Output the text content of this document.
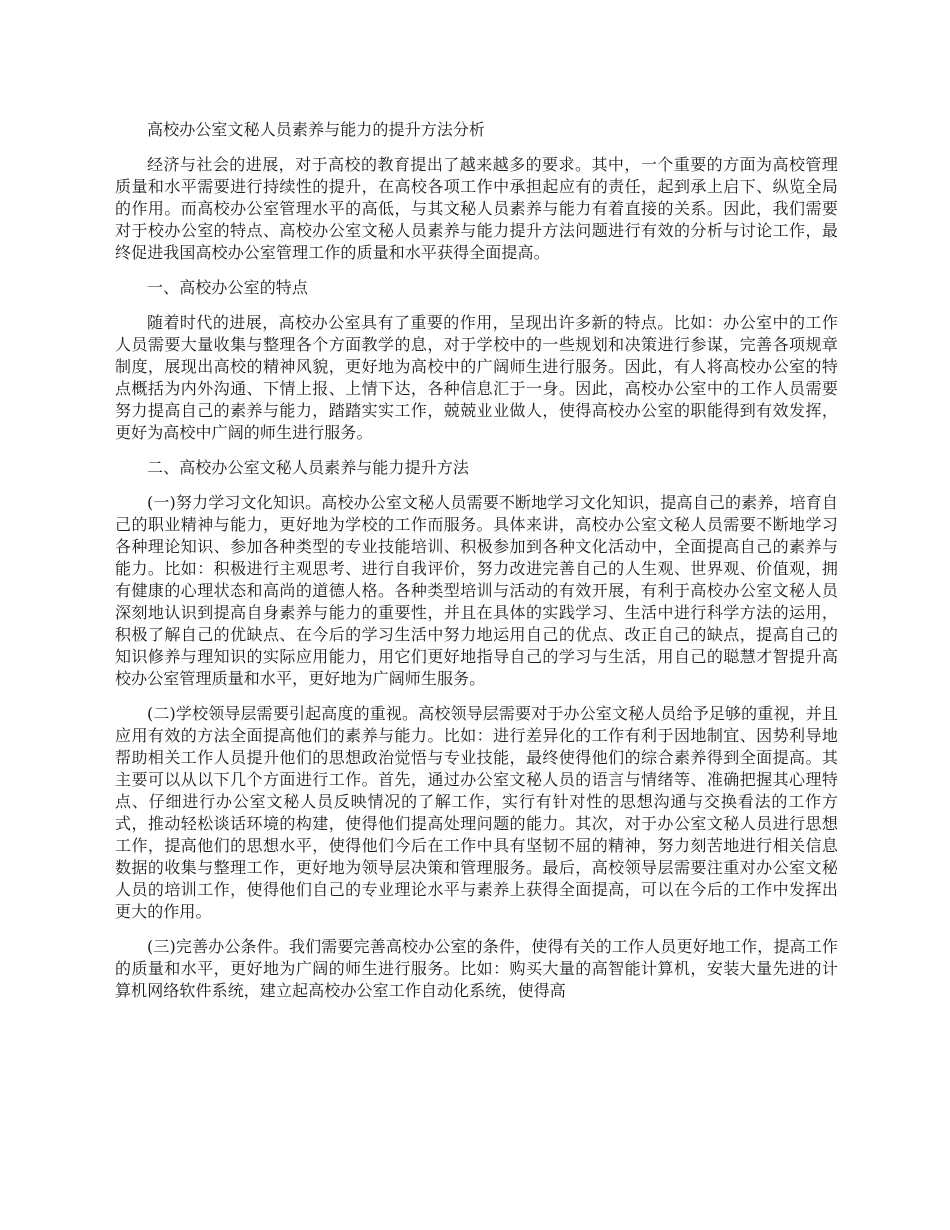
高校办公室文秘人员素养与能力的提升方法分析
经济与社会的进展，对于高校的教育提出了越来越多的要求。其中，一个重要的方面为高校管理质量和水平需要进行持续性的提升，在高校各项工作中承担起应有的责任，起到承上启下、纵览全局的作用。而高校办公室管理水平的高低，与其文秘人员素养与能力有着直接的关系。因此，我们需要对于校办公室的特点、高校办公室文秘人员素养与能力提升方法问题进行有效的分析与讨论工作，最终促进我国高校办公室管理工作的质量和水平获得全面提高。
一、高校办公室的特点
随着时代的进展，高校办公室具有了重要的作用，呈现出许多新的特点。比如：办公室中的工作人员需要大量收集与整理各个方面教学的息，对于学校中的一些规划和决策进行参谋，完善各项规章制度，展现出高校的精神风貌，更好地为高校中的广阔师生进行服务。因此，有人将高校办公室的特点概括为内外沟通、下情上报、上情下达，各种信息汇于一身。因此，高校办公室中的工作人员需要努力提高自己的素养与能力，踏踏实实工作，兢兢业业做人，使得高校办公室的职能得到有效发挥，更好为高校中广阔的师生进行服务。
二、高校办公室文秘人员素养与能力提升方法
(一)努力学习文化知识。高校办公室文秘人员需要不断地学习文化知识，提高自己的素养，培育自己的职业精神与能力，更好地为学校的工作而服务。具体来讲，高校办公室文秘人员需要不断地学习各种理论知识、参加各种类型的专业技能培训、积极参加到各种文化活动中，全面提高自己的素养与能力。比如：积极进行主观思考、进行自我评价，努力改进完善自己的人生观、世界观、价值观，拥有健康的心理状态和高尚的道德人格。各种类型培训与活动的有效开展，有利于高校办公室文秘人员深刻地认识到提高自身素养与能力的重要性，并且在具体的实践学习、生活中进行科学方法的运用，积极了解自己的优缺点、在今后的学习生活中努力地运用自己的优点、改正自己的缺点，提高自己的知识修养与理知识的实际应用能力，用它们更好地指导自己的学习与生活，用自己的聪慧才智提升高校办公室管理质量和水平，更好地为广阔师生服务。
(二)学校领导层需要引起高度的重视。高校领导层需要对于办公室文秘人员给予足够的重视，并且应用有效的方法全面提高他们的素养与能力。比如：进行差异化的工作有利于因地制宜、因势利导地帮助相关工作人员提升他们的思想政治觉悟与专业技能，最终使得他们的综合素养得到全面提高。其主要可以从以下几个方面进行工作。首先，通过办公室文秘人员的语言与情绪等、准确把握其心理特点、仔细进行办公室文秘人员反映情况的了解工作，实行有针对性的思想沟通与交换看法的工作方式，推动轻松谈话环境的构建，使得他们提高处理问题的能力。其次，对于办公室文秘人员进行思想工作，提高他们的思想水平，使得他们今后在工作中具有坚韧不屈的精神，努力刻苦地进行相关信息数据的收集与整理工作，更好地为领导层决策和管理服务。最后，高校领导层需要注重对办公室文秘人员的培训工作，使得他们自己的专业理论水平与素养上获得全面提高，可以在今后的工作中发挥出更大的作用。
(三)完善办公条件。我们需要完善高校办公室的条件，使得有关的工作人员更好地工作，提高工作的质量和水平，更好地为广阔的师生进行服务。比如：购买大量的高智能计算机，安装大量先进的计算机网络软件系统，建立起高校办公室工作自动化系统，使得高
